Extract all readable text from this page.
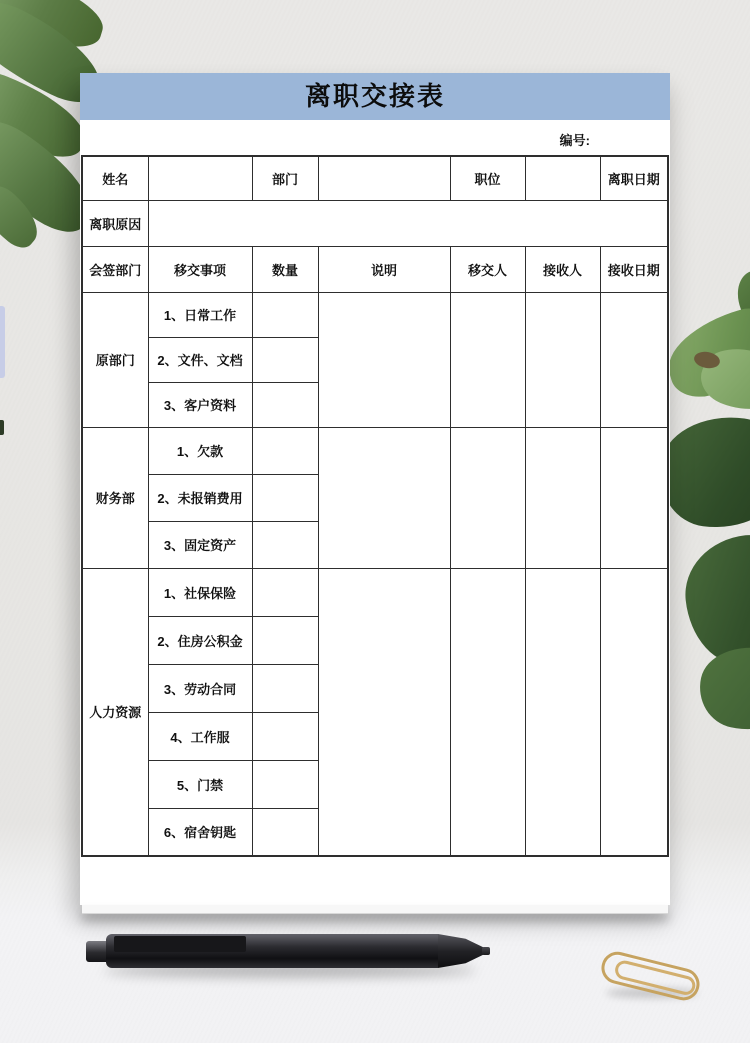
离职交接表
编号:
姓名		部门		职位		离职日期
离职原因						
会签部门	移交事项	数量	说明	移交人	接收人	接收日期
原部门	1、日常工作					
	2、文件、文档					
	3、客户资料					
财务部	1、欠款					
	2、未报销费用					
	3、固定资产					
人力资源	1、社保保险					
	2、住房公积金					
	3、劳动合同					
	4、工作服					
	5、门禁					
	6、宿舍钥匙					
